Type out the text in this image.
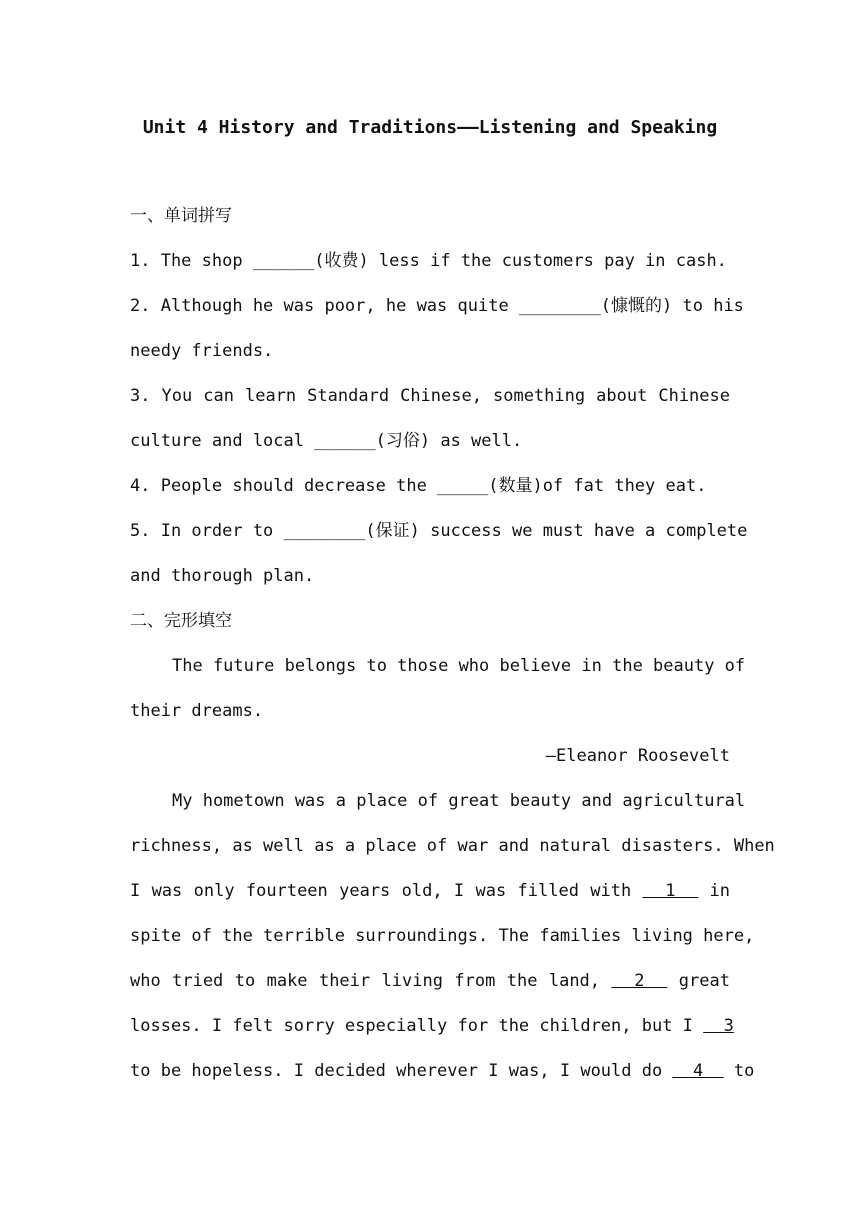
Unit 4 History and Traditions——Listening and Speaking
一、单词拼写
1. The shop ______(收费) less if the customers pay in cash.
2. Although he was poor, he was quite ________(慷慨的) to his
needy friends.
3. You can learn Standard Chinese, something about Chinese
culture and local ______(习俗) as well.
4. People should decrease the _____(数量)of fat they eat.
5. In order to ________(保证) success we must have a complete
and thorough plan.
二、完形填空
The future belongs to those who believe in the beauty of
their dreams.
—Eleanor Roosevelt
My hometown was a place of great beauty and agricultural
richness, as well as a place of war and natural disasters. When
I was only fourteen years old, I was filled with   1   in
spite of the terrible surroundings. The families living here,
who tried to make their living from the land,   2   great
losses. I felt sorry especially for the children, but I   3
to be hopeless. I decided wherever I was, I would do   4   to
